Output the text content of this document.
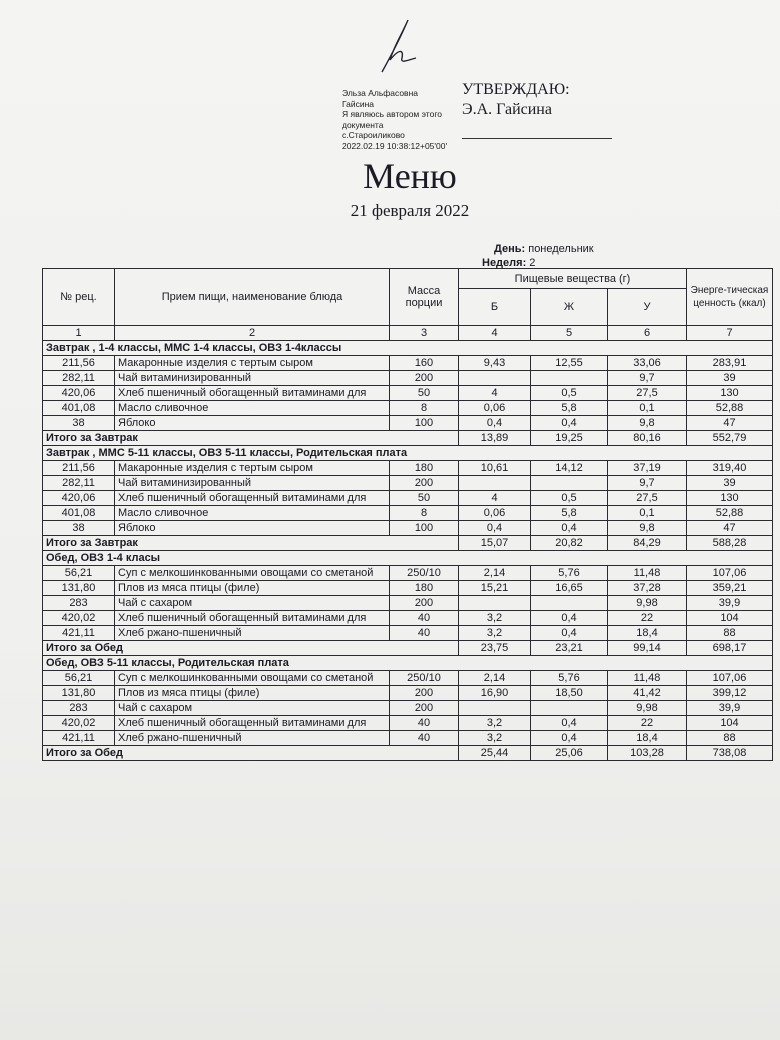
Эльза Альфасовна
Гайсина
Я являюсь автором этого
документа
с.Староиликово
2022.02.19 10:38:12+05'00'
УТВЕРЖДАЮ:
Э.А. Гайсина
Меню
21 февраля 2022
День: понедельник
Неделя: 2
№ рец.	Прием пищи, наименование блюда	Масса порции	Пищевые вещества (г)			Энерге-тическая ценность (ккал)
			Б	Ж	У	
1	2	3	4	5	6	7
Завтрак , 1-4 классы, ММС 1-4 классы, ОВЗ 1-4классы						
211,56	Макаронные изделия с тертым сыром	160	9,43	12,55	33,06	283,91
282,11	Чай витаминизированный	200			9,7	39
420,06	Хлеб пшеничный обогащенный витаминами для	50	4	0,5	27,5	130
401,08	Масло сливочное	8	0,06	5,8	0,1	52,88
38	Яблоко	100	0,4	0,4	9,8	47
Итого за Завтрак			13,89	19,25	80,16	552,79
Завтрак , ММС 5-11 классы, ОВЗ 5-11 классы, Родительская плата						
211,56	Макаронные изделия с тертым сыром	180	10,61	14,12	37,19	319,40
282,11	Чай витаминизированный	200			9,7	39
420,06	Хлеб пшеничный обогащенный витаминами для	50	4	0,5	27,5	130
401,08	Масло сливочное	8	0,06	5,8	0,1	52,88
38	Яблоко	100	0,4	0,4	9,8	47
Итого за Завтрак			15,07	20,82	84,29	588,28
Обед, ОВЗ 1-4 класы						
56,21	Суп с мелкошинкованными овощами со сметаной	250/10	2,14	5,76	11,48	107,06
131,80	Плов из мяса птицы (филе)	180	15,21	16,65	37,28	359,21
283	Чай с сахаром	200			9,98	39,9
420,02	Хлеб пшеничный обогащенный витаминами для	40	3,2	0,4	22	104
421,11	Хлеб ржано-пшеничный	40	3,2	0,4	18,4	88
Итого за Обед			23,75	23,21	99,14	698,17
Обед, ОВЗ 5-11 классы, Родительская плата						
56,21	Суп с мелкошинкованными овощами со сметаной	250/10	2,14	5,76	11,48	107,06
131,80	Плов из мяса птицы (филе)	200	16,90	18,50	41,42	399,12
283	Чай с сахаром	200			9,98	39,9
420,02	Хлеб пшеничный обогащенный витаминами для	40	3,2	0,4	22	104
421,11	Хлеб ржано-пшеничный	40	3,2	0,4	18,4	88
Итого за Обед			25,44	25,06	103,28	738,08
